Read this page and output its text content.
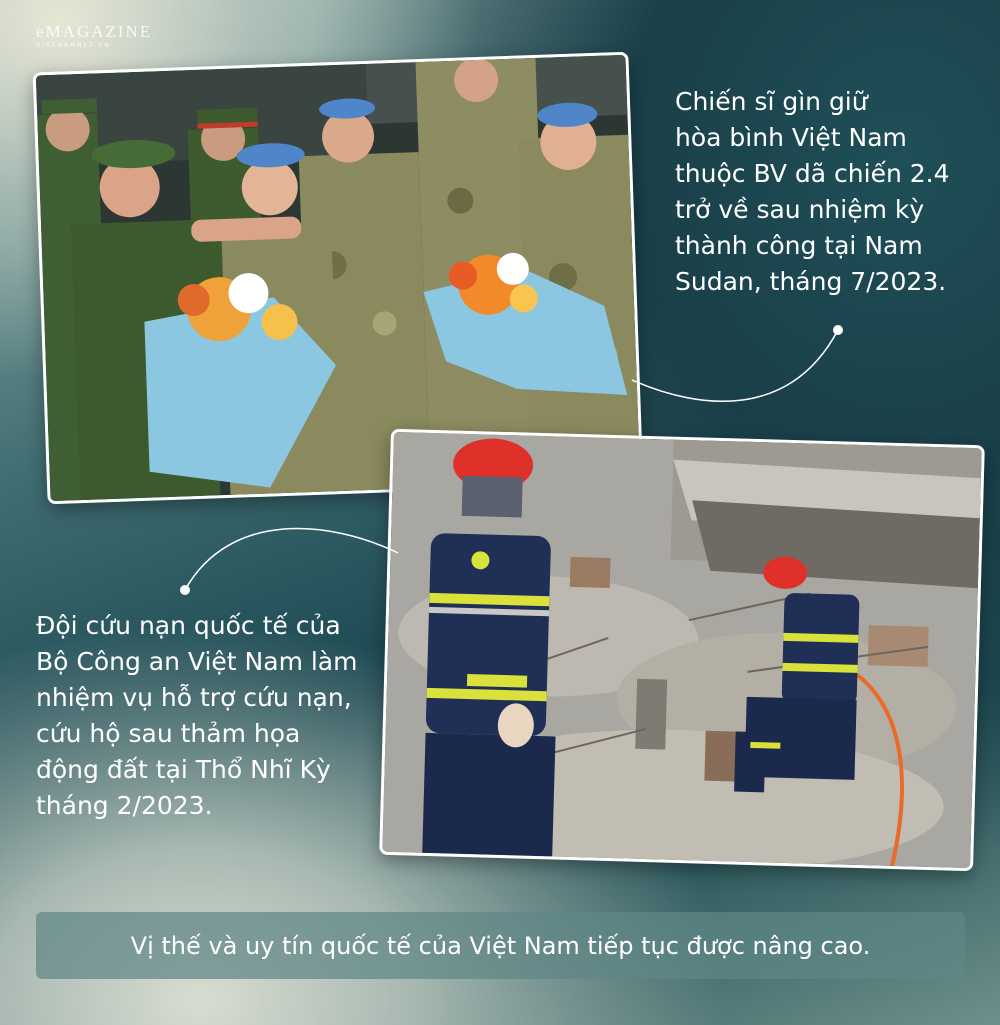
eMAGAZINE
VIETNAMNET.VN
Chiến sĩ gìn giữ
hòa bình Việt Nam
thuộc BV dã chiến 2.4
trở về sau nhiệm kỳ
thành công tại Nam
Sudan, tháng 7/2023.
Đội cứu nạn quốc tế của
Bộ Công an Việt Nam làm
nhiệm vụ hỗ trợ cứu nạn,
cứu hộ sau thảm họa
động đất tại Thổ Nhĩ Kỳ
tháng 2/2023.
Vị thế và uy tín quốc tế của Việt Nam tiếp tục được nâng cao.
